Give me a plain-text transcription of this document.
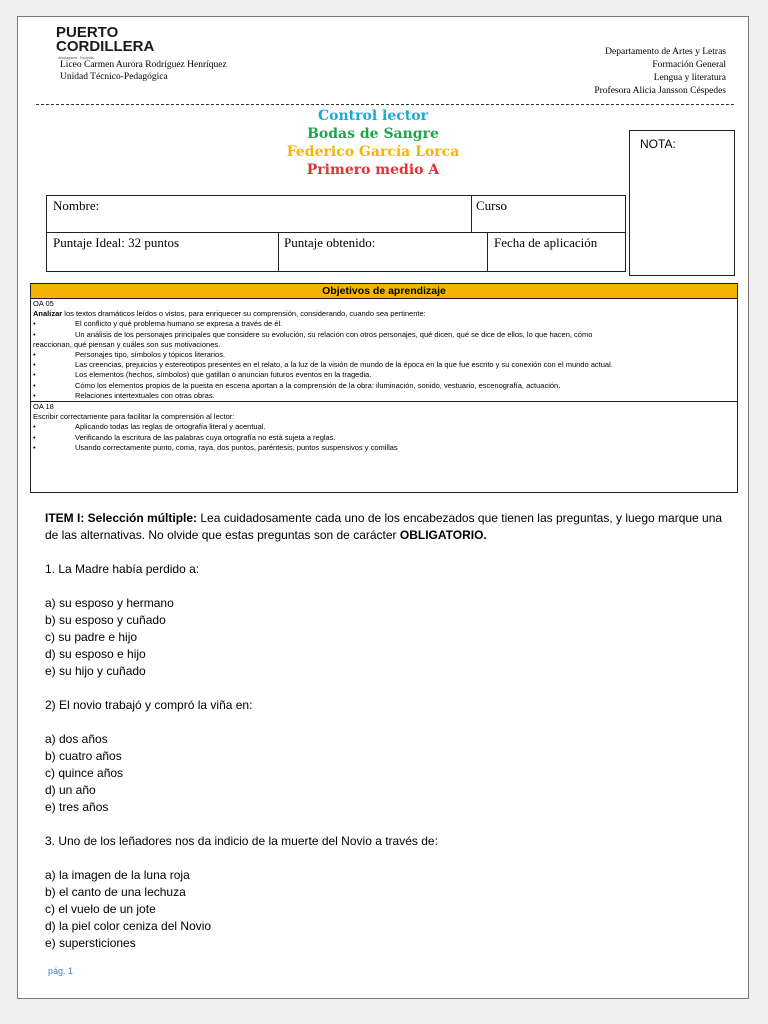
PUERTO
CORDILLERA
Antofagasta · Tocopilla
Liceo Carmen Aurora Rodríguez Henríquez
Unidad Técnico-Pedagógica
Departamento de Artes y Letras
Formación General
Lengua y literatura
Profesora Alicia Jansson Céspedes
Control lector
Bodas de Sangre
Federico García Lorca
Primero medio A
NOTA:
Nombre:	Curso
Puntaje Ideal: 32 puntos	Puntaje obtenido:	Fecha de aplicación
Objetivos de aprendizaje
OA 05
Analizar los textos dramáticos leídos o vistos, para enriquecer su comprensión, considerando, cuando sea pertinente:
•	El conflicto y qué problema humano se expresa a través de él.
•	Un análisis de los personajes principales que considere su evolución, su relación con otros personajes, qué dicen, qué se dice de ellos, lo que hacen, cómo
reaccionan, qué piensan y cuáles son sus motivaciones.
•	Personajes tipo, símbolos y tópicos literarios.
•	Las creencias, prejuicios y estereotipos presentes en el relato, a la luz de la visión de mundo de la época en la que fue escrito y su conexión con el mundo actual.
•	Los elementos (hechos, símbolos) que gatillan o anuncian futuros eventos en la tragedia.
•	Cómo los elementos propios de la puesta en escena aportan a la comprensión de la obra: iluminación, sonido, vestuario, escenografía, actuación.
•	Relaciones intertextuales con otras obras.
OA 18
Escribir correctamente para facilitar la comprensión al lector:
•	Aplicando todas las reglas de ortografía literal y acentual.
•	Verificando la escritura de las palabras cuya ortografía no está sujeta a reglas.
•	Usando correctamente punto, coma, raya, dos puntos, paréntesis, puntos suspensivos y comillas

ITEM I: Selección múltiple: Lea cuidadosamente cada uno de los encabezados que tienen las preguntas, y luego marque una de las alternativas. No olvide que estas preguntas son de carácter OBLIGATORIO.

1. La Madre había perdido a:

a) su esposo y hermano

b) su esposo y cuñado

c) su padre e hijo

d) su esposo e hijo

e) su hijo y cuñado

2) El novio trabajó y compró la viña en:

a) dos años

b) cuatro años

c) quince años

d) un año

e) tres años

3. Uno de los leñadores nos da indicio de la muerte del Novio a través de:

a) la imagen de la luna roja

b) el canto de una lechuza

c) el vuelo de un jote

d) la piel color ceniza del Novio

e) supersticiones

pág. 1
